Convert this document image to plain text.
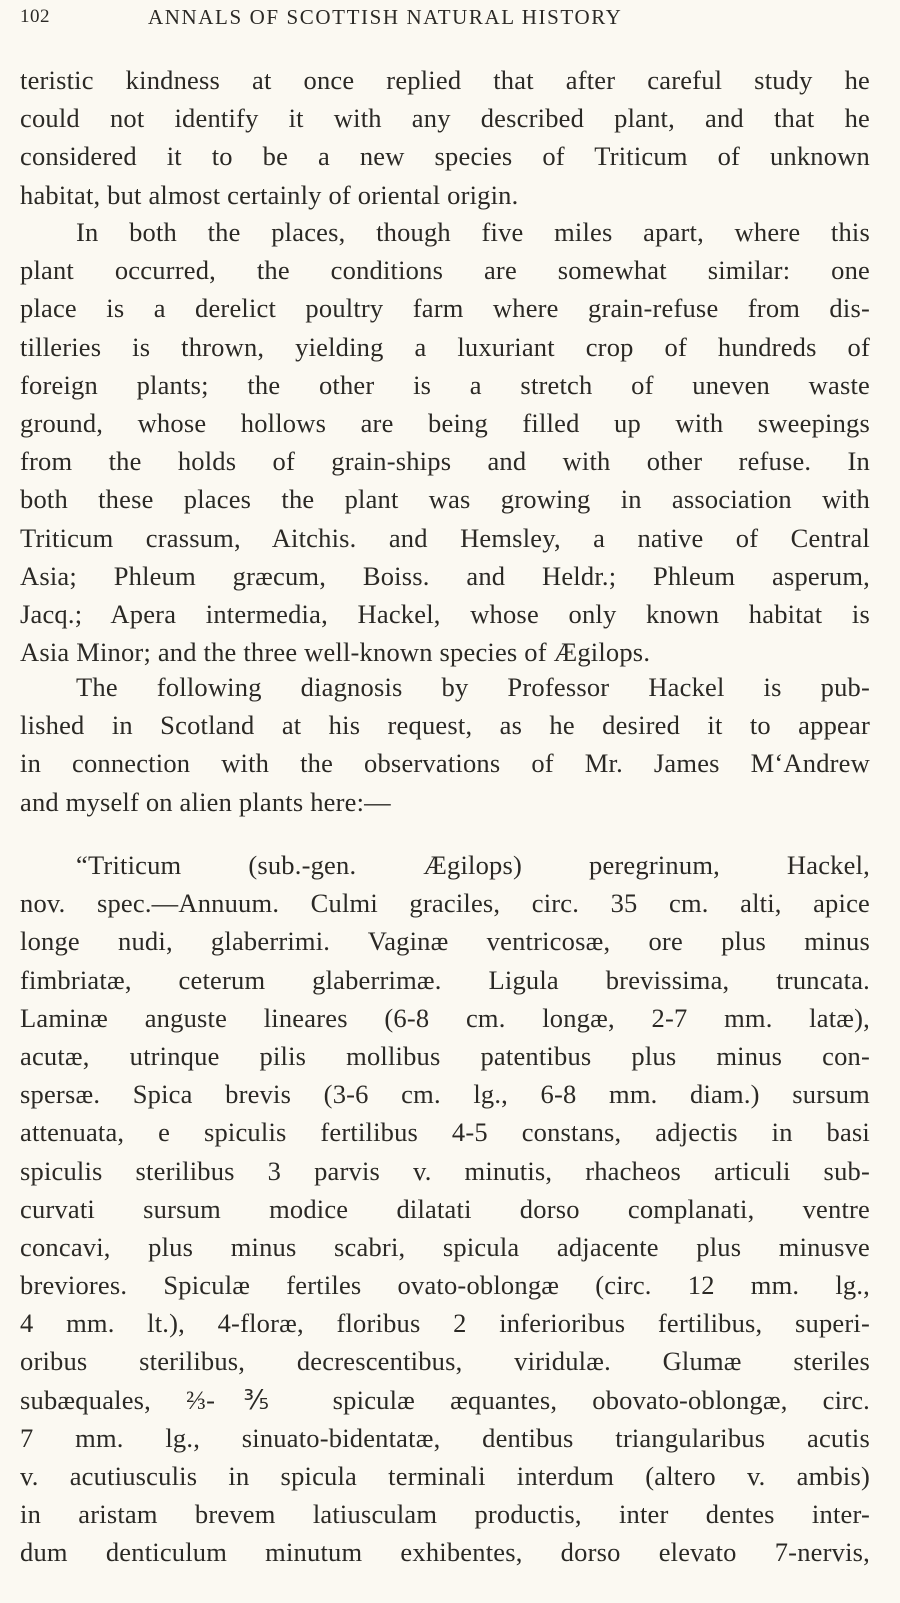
102	ANNALS OF SCOTTISH NATURAL HISTORY
teristic kindness at once replied that after careful study he
could not identify it with any described plant, and that he
considered it to be a new species of Triticum of unknown
habitat, but almost certainly of oriental origin.
In both the places, though five miles apart, where this
plant occurred, the conditions are somewhat similar: one
place is a derelict poultry farm where grain-refuse from dis-
tilleries is thrown, yielding a luxuriant crop of hundreds of
foreign plants; the other is a stretch of uneven waste
ground, whose hollows are being filled up with sweepings
from the holds of grain-ships and with other refuse. In
both these places the plant was growing in association with
Triticum crassum, Aitchis. and Hemsley, a native of Central
Asia; Phleum græcum, Boiss. and Heldr.; Phleum asperum,
Jacq.; Apera intermedia, Hackel, whose only known habitat is
Asia Minor; and the three well-known species of Ægilops.
The following diagnosis by Professor Hackel is pub-
lished in Scotland at his request, as he desired it to appear
in connection with the observations of Mr. James M‘Andrew
and myself on alien plants here:—
“Triticum (sub.-gen. Ægilops) peregrinum, Hackel,
nov. spec.—Annuum. Culmi graciles, circ. 35 cm. alti, apice
longe nudi, glaberrimi. Vaginæ ventricosæ, ore plus minus
fimbriatæ, ceterum glaberrimæ. Ligula brevissima, truncata.
Laminæ anguste lineares (6-8 cm. longæ, 2-7 mm. latæ),
acutæ, utrinque pilis mollibus patentibus plus minus con-
spersæ. Spica brevis (3-6 cm. lg., 6-8 mm. diam.) sursum
attenuata, e spiculis fertilibus 4-5 constans, adjectis in basi
spiculis sterilibus 3 parvis v. minutis, rhacheos articuli sub-
curvati sursum modice dilatati dorso complanati, ventre
concavi, plus minus scabri, spicula adjacente plus minusve
breviores. Spiculæ fertiles ovato-oblongæ (circ. 12 mm. lg.,
4 mm. lt.), 4-floræ, floribus 2 inferioribus fertilibus, superi-
oribus sterilibus, decrescentibus, viridulæ. Glumæ steriles
subæquales, ⅔-⅗ spiculæ æquantes, obovato-oblongæ, circ.
7 mm. lg., sinuato-bidentatæ, dentibus triangularibus acutis
v. acutiusculis in spicula terminali interdum (altero v. ambis)
in aristam brevem latiusculam productis, inter dentes inter-
dum denticulum minutum exhibentes, dorso elevato 7-nervis,
